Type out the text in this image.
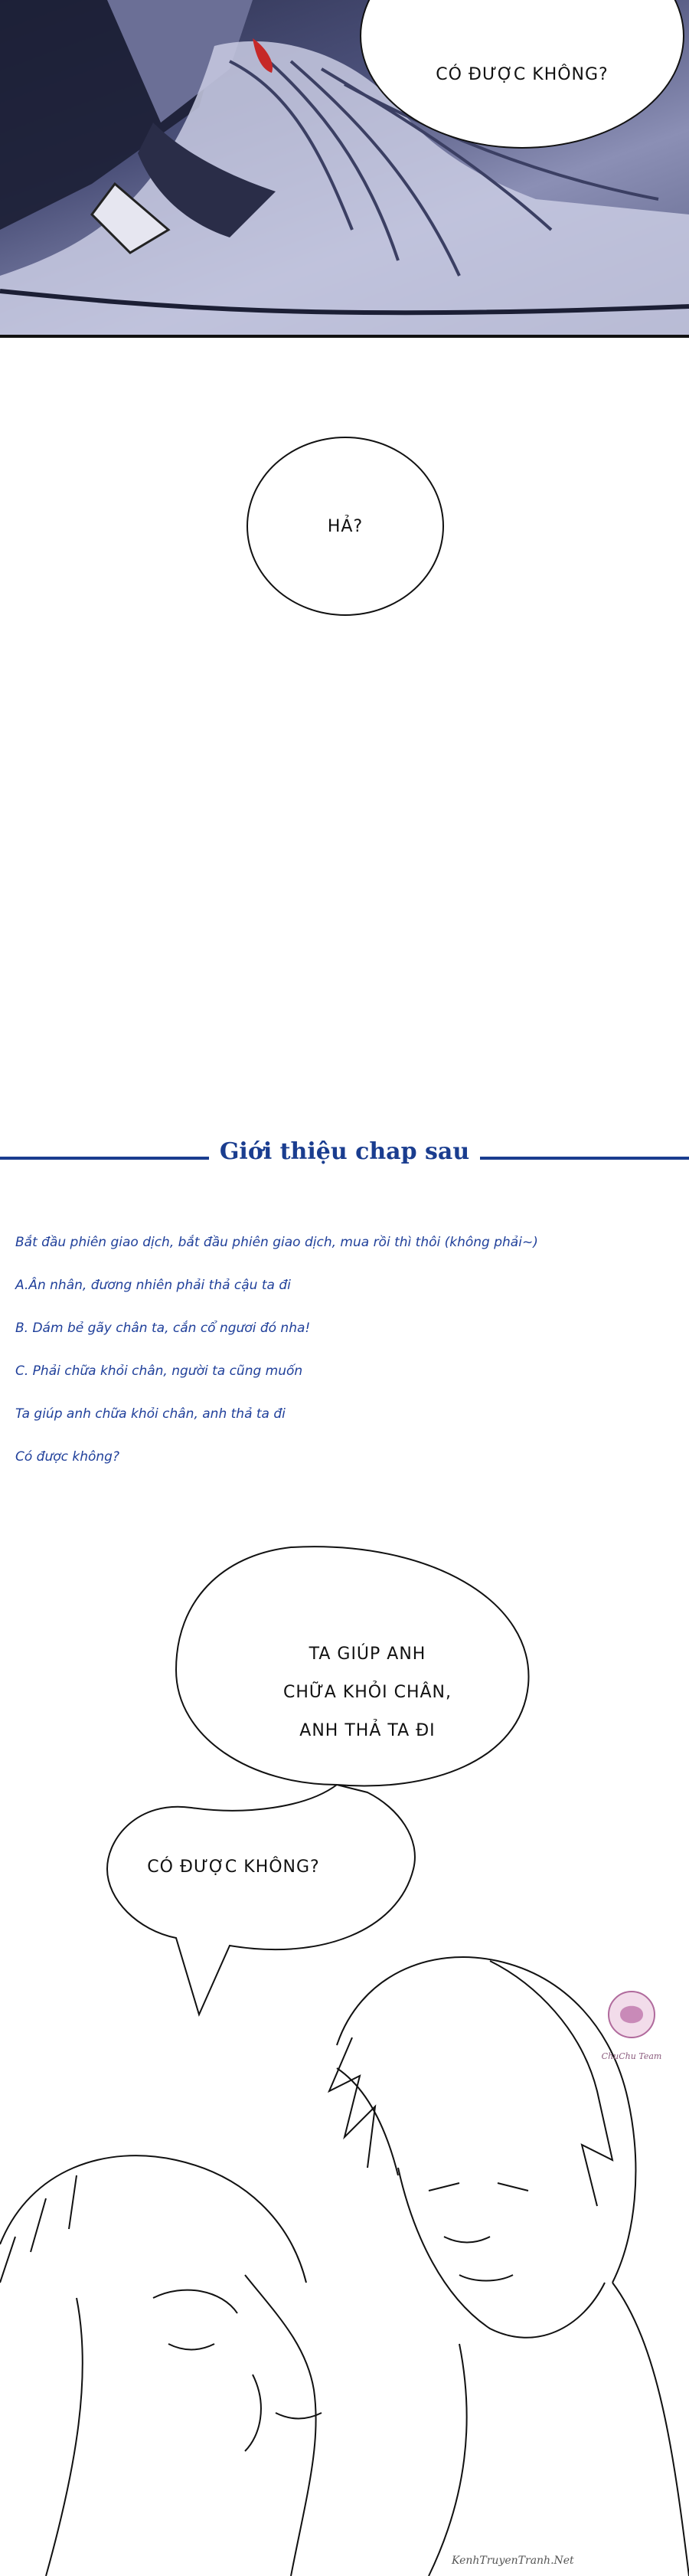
CÓ ĐƯỢC KHÔNG?
HẢ?
Giới thiệu chap sau
Bắt đầu phiên giao dịch, bắt đầu phiên giao dịch, mua rồi thì thôi (không phải~)
A.Ân nhân, đương nhiên phải thả cậu ta đi
B. Dám bẻ gãy chân ta, cắn cổ ngươi đó nha!
C. Phải chữa khỏi chân, người ta cũng muốn
Ta giúp anh chữa khỏi chân, anh thả ta đi
Có được không?
TA GIÚP ANH
CHỮA KHỎI CHÂN,
ANH THẢ TA ĐI
CÓ ĐƯỢC KHÔNG?
ChuChu Team
KenhTruyenTranh.Net
